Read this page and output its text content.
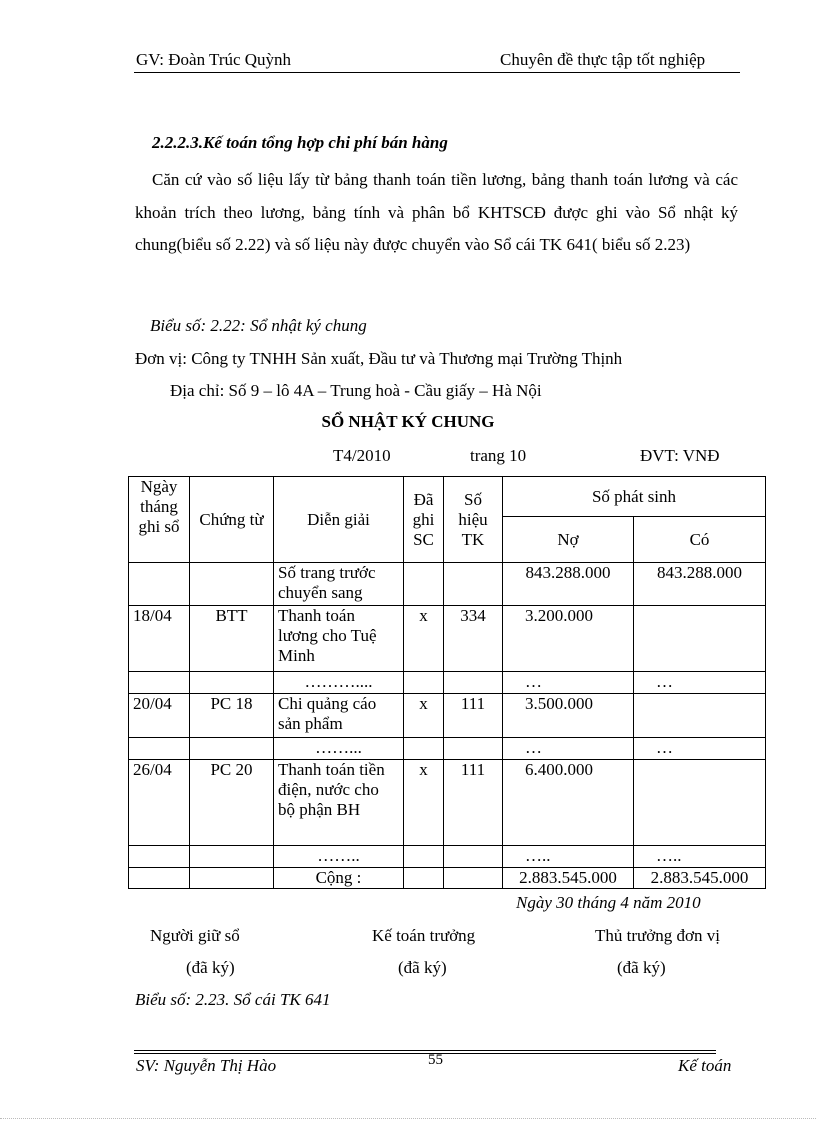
GV: Đoàn Trúc Quỳnh	Chuyên đề thực tập tốt nghiệp
2.2.2.3.Kế toán tổng hợp chi phí bán hàng
Căn cứ vào số liệu lấy từ bảng thanh toán tiền lương, bảng thanh toán lương và các khoản trích theo lương, bảng tính và phân bổ KHTSCĐ được ghi vào Sổ nhật ký chung(biểu số 2.22) và số liệu này được chuyển vào Sổ cái TK 641( biểu số 2.23)
Biểu số: 2.22: Sổ nhật ký chung
Đơn vị: Công ty TNHH Sản xuất, Đầu tư và Thương mại Trường Thịnh
Địa chỉ: Số 9 – lô 4A – Trung hoà - Cầu giấy – Hà Nội
SỔ NHẬT KÝ CHUNG
T4/2010	trang 10	ĐVT: VNĐ
Ngày tháng ghi sổ	Chứng từ	Diễn giải	Đã ghi SC	Số hiệu TK	Số phát sinh	
					Nợ	Có
		Số trang trước chuyển sang			843.288.000	843.288.000
18/04	BTT	Thanh toán lương cho Tuệ Minh	x	334	3.200.000	
		………....			…	…
20/04	PC 18	Chi quảng cáo sản phẩm	x	111	3.500.000	
		……...			…	…
26/04	PC 20	Thanh toán tiền điện, nước cho bộ phận BH	x	111	6.400.000	
		……..			…..	…..
		Cộng :			2.883.545.000	2.883.545.000
Ngày 30 tháng 4 năm 2010
Người giữ sổ	Kế toán trưởng	Thủ trưởng đơn vị
(đã ký)	(đã ký)	(đã ký)
Biểu số: 2.23. Sổ cái TK 641
SV: Nguyễn Thị Hào	55	Kế toán
